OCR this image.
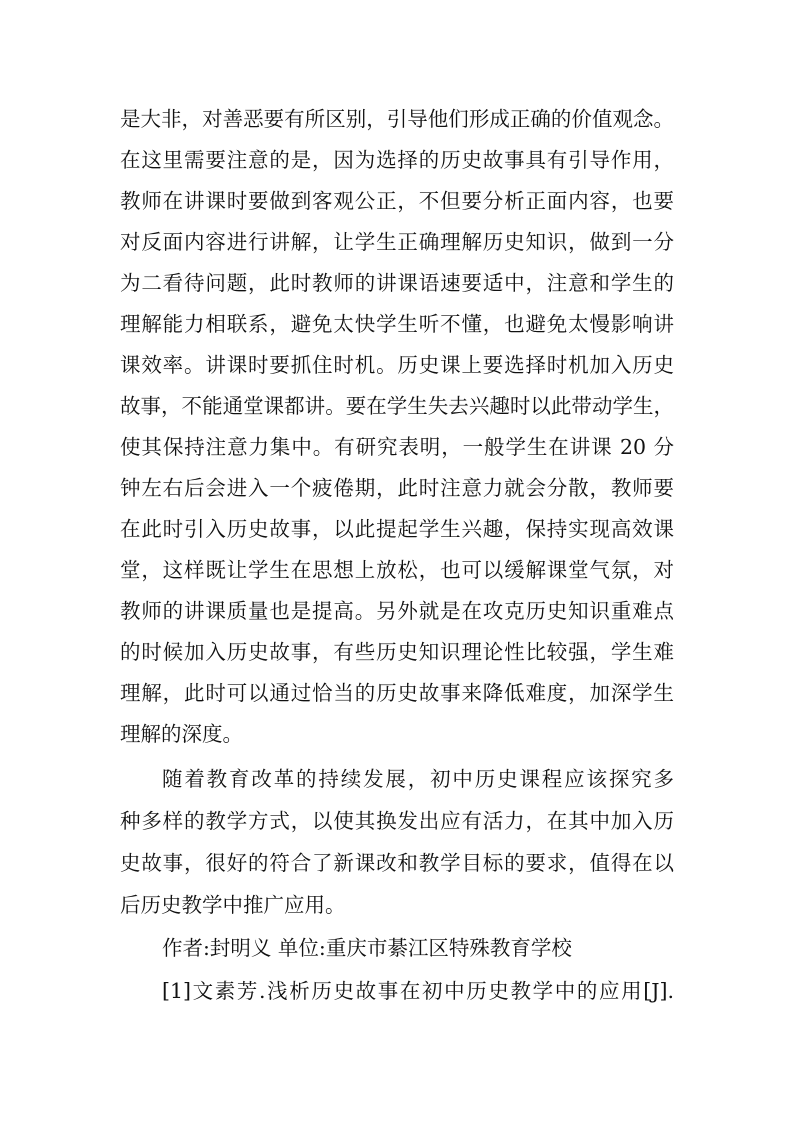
是大非，对善恶要有所区别，引导他们形成正确的价值观念。
在这里需要注意的是，因为选择的历史故事具有引导作用，
教师在讲课时要做到客观公正，不但要分析正面内容，也要
对反面内容进行讲解，让学生正确理解历史知识，做到一分
为二看待问题，此时教师的讲课语速要适中，注意和学生的
理解能力相联系，避免太快学生听不懂，也避免太慢影响讲
课效率。讲课时要抓住时机。历史课上要选择时机加入历史
故事，不能通堂课都讲。要在学生失去兴趣时以此带动学生，
使其保持注意力集中。有研究表明，一般学生在讲课 20 分
钟左右后会进入一个疲倦期，此时注意力就会分散，教师要
在此时引入历史故事，以此提起学生兴趣，保持实现高效课
堂，这样既让学生在思想上放松，也可以缓解课堂气氛，对
教师的讲课质量也是提高。另外就是在攻克历史知识重难点
的时候加入历史故事，有些历史知识理论性比较强，学生难
理解，此时可以通过恰当的历史故事来降低难度，加深学生
理解的深度。
随着教育改革的持续发展，初中历史课程应该探究多
种多样的教学方式，以使其换发出应有活力，在其中加入历
史故事，很好的符合了新课改和教学目标的要求，值得在以
后历史教学中推广应用。
作者:封明义 单位:重庆市綦江区特殊教育学校
[1]文素芳.浅析历史故事在初中历史教学中的应用[J].
